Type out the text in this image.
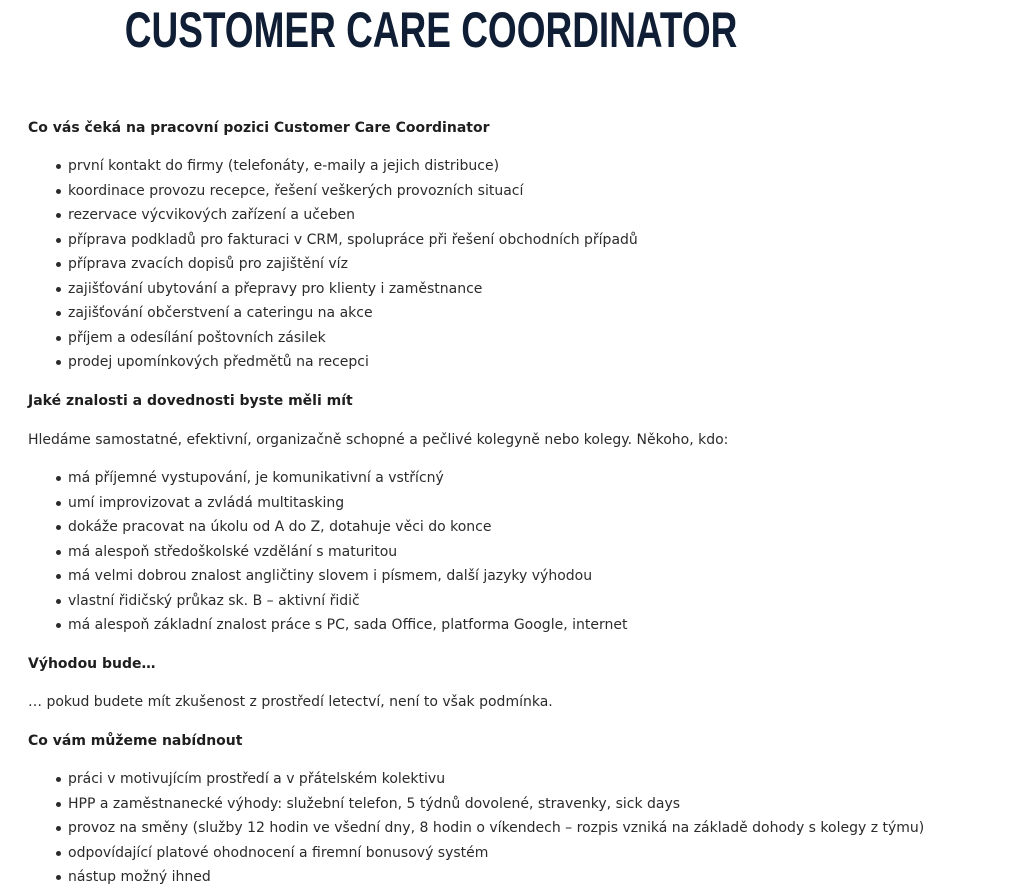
CUSTOMER CARE COORDINATOR

Co vás čeká na pracovní pozici Customer Care Coordinator

první kontakt do firmy (telefonáty, e-maily a jejich distribuce)
koordinace provozu recepce, řešení veškerých provozních situací
rezervace výcvikových zařízení a učeben
příprava podkladů pro fakturaci v CRM, spolupráce při řešení obchodních případů
příprava zvacích dopisů pro zajištění víz
zajišťování ubytování a přepravy pro klienty i zaměstnance
zajišťování občerstvení a cateringu na akce
příjem a odesílání poštovních zásilek
prodej upomínkových předmětů na recepci

Jaké znalosti a dovednosti byste měli mít

Hledáme samostatné, efektivní, organizačně schopné a pečlivé kolegyně nebo kolegy. Někoho, kdo:

má příjemné vystupování, je komunikativní a vstřícný
umí improvizovat a zvládá multitasking
dokáže pracovat na úkolu od A do Z, dotahuje věci do konce
má alespoň středoškolské vzdělání s maturitou
má velmi dobrou znalost angličtiny slovem i písmem, další jazyky výhodou
vlastní řidičský průkaz sk. B – aktivní řidič
má alespoň základní znalost práce s PC, sada Office, platforma Google, internet

Výhodou bude…

… pokud budete mít zkušenost z prostředí letectví, není to však podmínka.

Co vám můžeme nabídnout

práci v motivujícím prostředí a v přátelském kolektivu
HPP a zaměstnanecké výhody: služební telefon, 5 týdnů dovolené, stravenky, sick days
provoz na směny (služby 12 hodin ve všední dny, 8 hodin o víkendech – rozpis vzniká na základě dohody s kolegy z týmu)
odpovídající platové ohodnocení a firemní bonusový systém
nástup možný ihned
